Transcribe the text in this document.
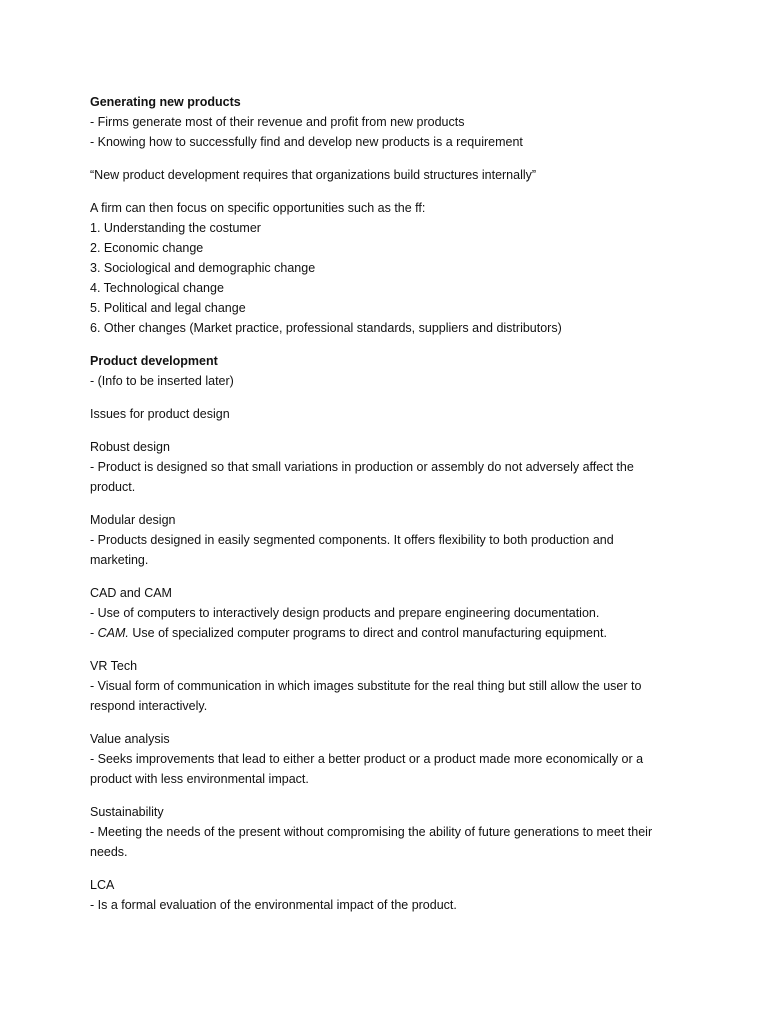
Generating new products
- Firms generate most of their revenue and profit from new products
- Knowing how to successfully find and develop new products is a requirement
“New product development requires that organizations build structures internally”
A firm can then focus on specific opportunities such as the ff:
1. Understanding the costumer
2. Economic change
3. Sociological and demographic change
4. Technological change
5. Political and legal change
6. Other changes (Market practice, professional standards, suppliers and distributors)
Product development
- (Info to be inserted later)
Issues for product design
Robust design
- Product is designed so that small variations in production or assembly do not adversely affect the
product.
Modular design
- Products designed in easily segmented components. It offers flexibility to both production and
marketing.
CAD and CAM
- Use of computers to interactively design products and prepare engineering documentation.
- CAM. Use of specialized computer programs to direct and control manufacturing equipment.
VR Tech
- Visual form of communication in which images substitute for the real thing but still allow the user to
respond interactively.
Value analysis
- Seeks improvements that lead to either a better product or a product made more economically or a
product with less environmental impact.
Sustainability
- Meeting the needs of the present without compromising the ability of future generations to meet their
needs.
LCA
- Is a formal evaluation of the environmental impact of the product.
